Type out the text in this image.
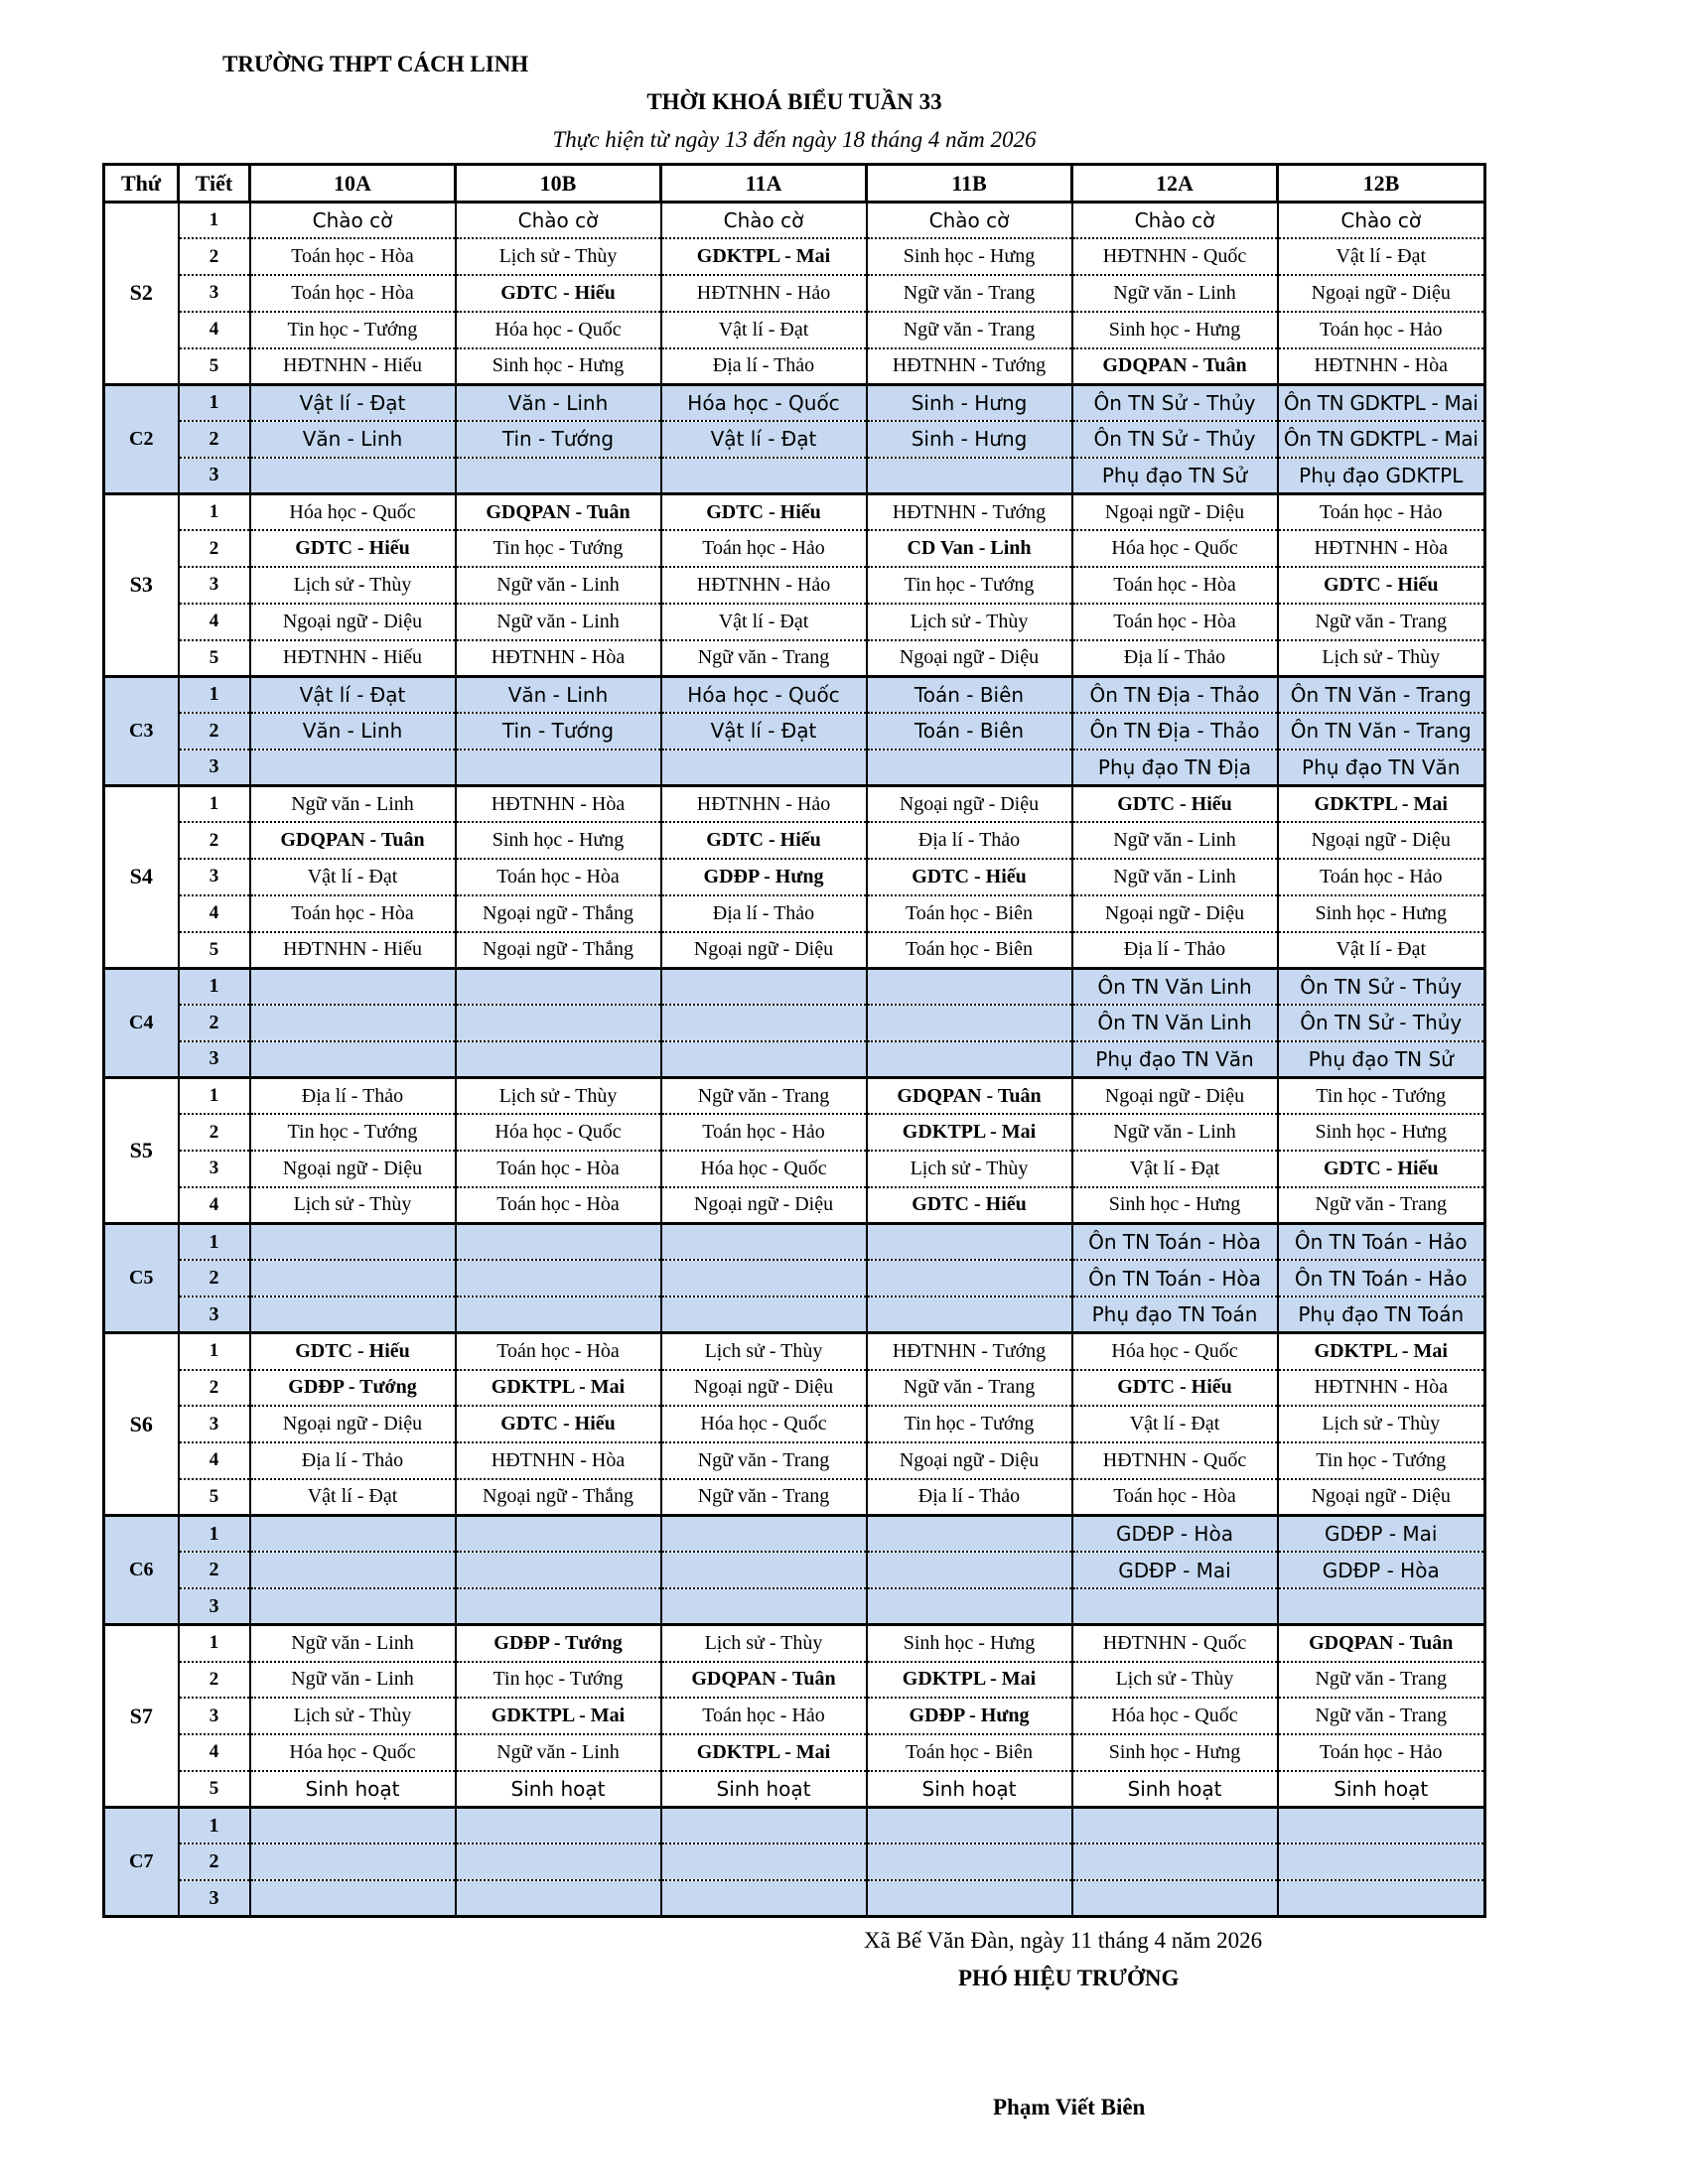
TRƯỜNG THPT CÁCH LINH
THỜI KHOÁ BIỂU TUẦN 33
Thực hiện từ ngày 13 đến ngày 18 tháng 4 năm 2026
Thứ	Tiết	10A	10B	11A	11B	12A	12B
S2	1	Chào cờ	Chào cờ	Chào cờ	Chào cờ	Chào cờ	Chào cờ
	2	Toán học - Hòa	Lịch sử - Thùy	GDKTPL - Mai	Sinh học - Hưng	HĐTNHN - Quốc	Vật lí - Đạt
	3	Toán học - Hòa	GDTC - Hiếu	HĐTNHN - Hảo	Ngữ văn - Trang	Ngữ văn - Linh	Ngoại ngữ - Diệu
	4	Tin học - Tướng	Hóa học - Quốc	Vật lí - Đạt	Ngữ văn - Trang	Sinh học - Hưng	Toán học - Hảo
	5	HĐTNHN - Hiếu	Sinh học - Hưng	Địa lí - Thảo	HĐTNHN - Tướng	GDQPAN - Tuân	HĐTNHN - Hòa
C2	1	Vật lí - Đạt	Văn - Linh	Hóa học - Quốc	Sinh - Hưng	Ôn TN Sử - Thủy	Ôn TN GDKTPL - Mai
	2	Văn - Linh	Tin - Tướng	Vật lí - Đạt	Sinh - Hưng	Ôn TN Sử - Thủy	Ôn TN GDKTPL - Mai
	3					Phụ đạo TN Sử	Phụ đạo GDKTPL
S3	1	Hóa học - Quốc	GDQPAN - Tuân	GDTC - Hiếu	HĐTNHN - Tướng	Ngoại ngữ - Diệu	Toán học - Hảo
	2	GDTC - Hiếu	Tin học - Tướng	Toán học - Hảo	CD Van - Linh	Hóa học - Quốc	HĐTNHN - Hòa
	3	Lịch sử - Thùy	Ngữ văn - Linh	HĐTNHN - Hảo	Tin học - Tướng	Toán học - Hòa	GDTC - Hiếu
	4	Ngoại ngữ - Diệu	Ngữ văn - Linh	Vật lí - Đạt	Lịch sử - Thùy	Toán học - Hòa	Ngữ văn - Trang
	5	HĐTNHN - Hiếu	HĐTNHN - Hòa	Ngữ văn - Trang	Ngoại ngữ - Diệu	Địa lí - Thảo	Lịch sử - Thùy
C3	1	Vật lí - Đạt	Văn - Linh	Hóa học - Quốc	Toán - Biên	Ôn TN Địa - Thảo	Ôn TN Văn - Trang
	2	Văn - Linh	Tin - Tướng	Vật lí - Đạt	Toán - Biên	Ôn TN Địa - Thảo	Ôn TN Văn - Trang
	3					Phụ đạo TN Địa	Phụ đạo TN Văn
S4	1	Ngữ văn - Linh	HĐTNHN - Hòa	HĐTNHN - Hảo	Ngoại ngữ - Diệu	GDTC - Hiếu	GDKTPL - Mai
	2	GDQPAN - Tuân	Sinh học - Hưng	GDTC - Hiếu	Địa lí - Thảo	Ngữ văn - Linh	Ngoại ngữ - Diệu
	3	Vật lí - Đạt	Toán học - Hòa	GDĐP - Hưng	GDTC - Hiếu	Ngữ văn - Linh	Toán học - Hảo
	4	Toán học - Hòa	Ngoại ngữ - Thắng	Địa lí - Thảo	Toán học - Biên	Ngoại ngữ - Diệu	Sinh học - Hưng
	5	HĐTNHN - Hiếu	Ngoại ngữ - Thắng	Ngoại ngữ - Diệu	Toán học - Biên	Địa lí - Thảo	Vật lí - Đạt
C4	1					Ôn TN Văn Linh	Ôn TN Sử - Thủy
	2					Ôn TN Văn Linh	Ôn TN Sử - Thủy
	3					Phụ đạo TN Văn	Phụ đạo TN Sử
S5	1	Địa lí - Thảo	Lịch sử - Thùy	Ngữ văn - Trang	GDQPAN - Tuân	Ngoại ngữ - Diệu	Tin học - Tướng
	2	Tin học - Tướng	Hóa học - Quốc	Toán học - Hảo	GDKTPL - Mai	Ngữ văn - Linh	Sinh học - Hưng
	3	Ngoại ngữ - Diệu	Toán học - Hòa	Hóa học - Quốc	Lịch sử - Thùy	Vật lí - Đạt	GDTC - Hiếu
	4	Lịch sử - Thùy	Toán học - Hòa	Ngoại ngữ - Diệu	GDTC - Hiếu	Sinh học - Hưng	Ngữ văn - Trang
C5	1					Ôn TN Toán - Hòa	Ôn TN Toán - Hảo
	2					Ôn TN Toán - Hòa	Ôn TN Toán - Hảo
	3					Phụ đạo TN Toán	Phụ đạo TN Toán
S6	1	GDTC - Hiếu	Toán học - Hòa	Lịch sử - Thùy	HĐTNHN - Tướng	Hóa học - Quốc	GDKTPL - Mai
	2	GDĐP - Tướng	GDKTPL - Mai	Ngoại ngữ - Diệu	Ngữ văn - Trang	GDTC - Hiếu	HĐTNHN - Hòa
	3	Ngoại ngữ - Diệu	GDTC - Hiếu	Hóa học - Quốc	Tin học - Tướng	Vật lí - Đạt	Lịch sử - Thùy
	4	Địa lí - Thảo	HĐTNHN - Hòa	Ngữ văn - Trang	Ngoại ngữ - Diệu	HĐTNHN - Quốc	Tin học - Tướng
	5	Vật lí - Đạt	Ngoại ngữ - Thắng	Ngữ văn - Trang	Địa lí - Thảo	Toán học - Hòa	Ngoại ngữ - Diệu
C6	1					GDĐP - Hòa	GDĐP - Mai
	2					GDĐP - Mai	GDĐP - Hòa
	3						
S7	1	Ngữ văn - Linh	GDĐP - Tướng	Lịch sử - Thùy	Sinh học - Hưng	HĐTNHN - Quốc	GDQPAN - Tuân
	2	Ngữ văn - Linh	Tin học - Tướng	GDQPAN - Tuân	GDKTPL - Mai	Lịch sử - Thùy	Ngữ văn - Trang
	3	Lịch sử - Thùy	GDKTPL - Mai	Toán học - Hảo	GDĐP - Hưng	Hóa học - Quốc	Ngữ văn - Trang
	4	Hóa học - Quốc	Ngữ văn - Linh	GDKTPL - Mai	Toán học - Biên	Sinh học - Hưng	Toán học - Hảo
	5	Sinh hoạt	Sinh hoạt	Sinh hoạt	Sinh hoạt	Sinh hoạt	Sinh hoạt
C7	1						
	2						
	3						
Xã Bế Văn Đàn, ngày 11 tháng 4 năm 2026
PHÓ HIỆU TRƯỞNG
Phạm Viết Biên
